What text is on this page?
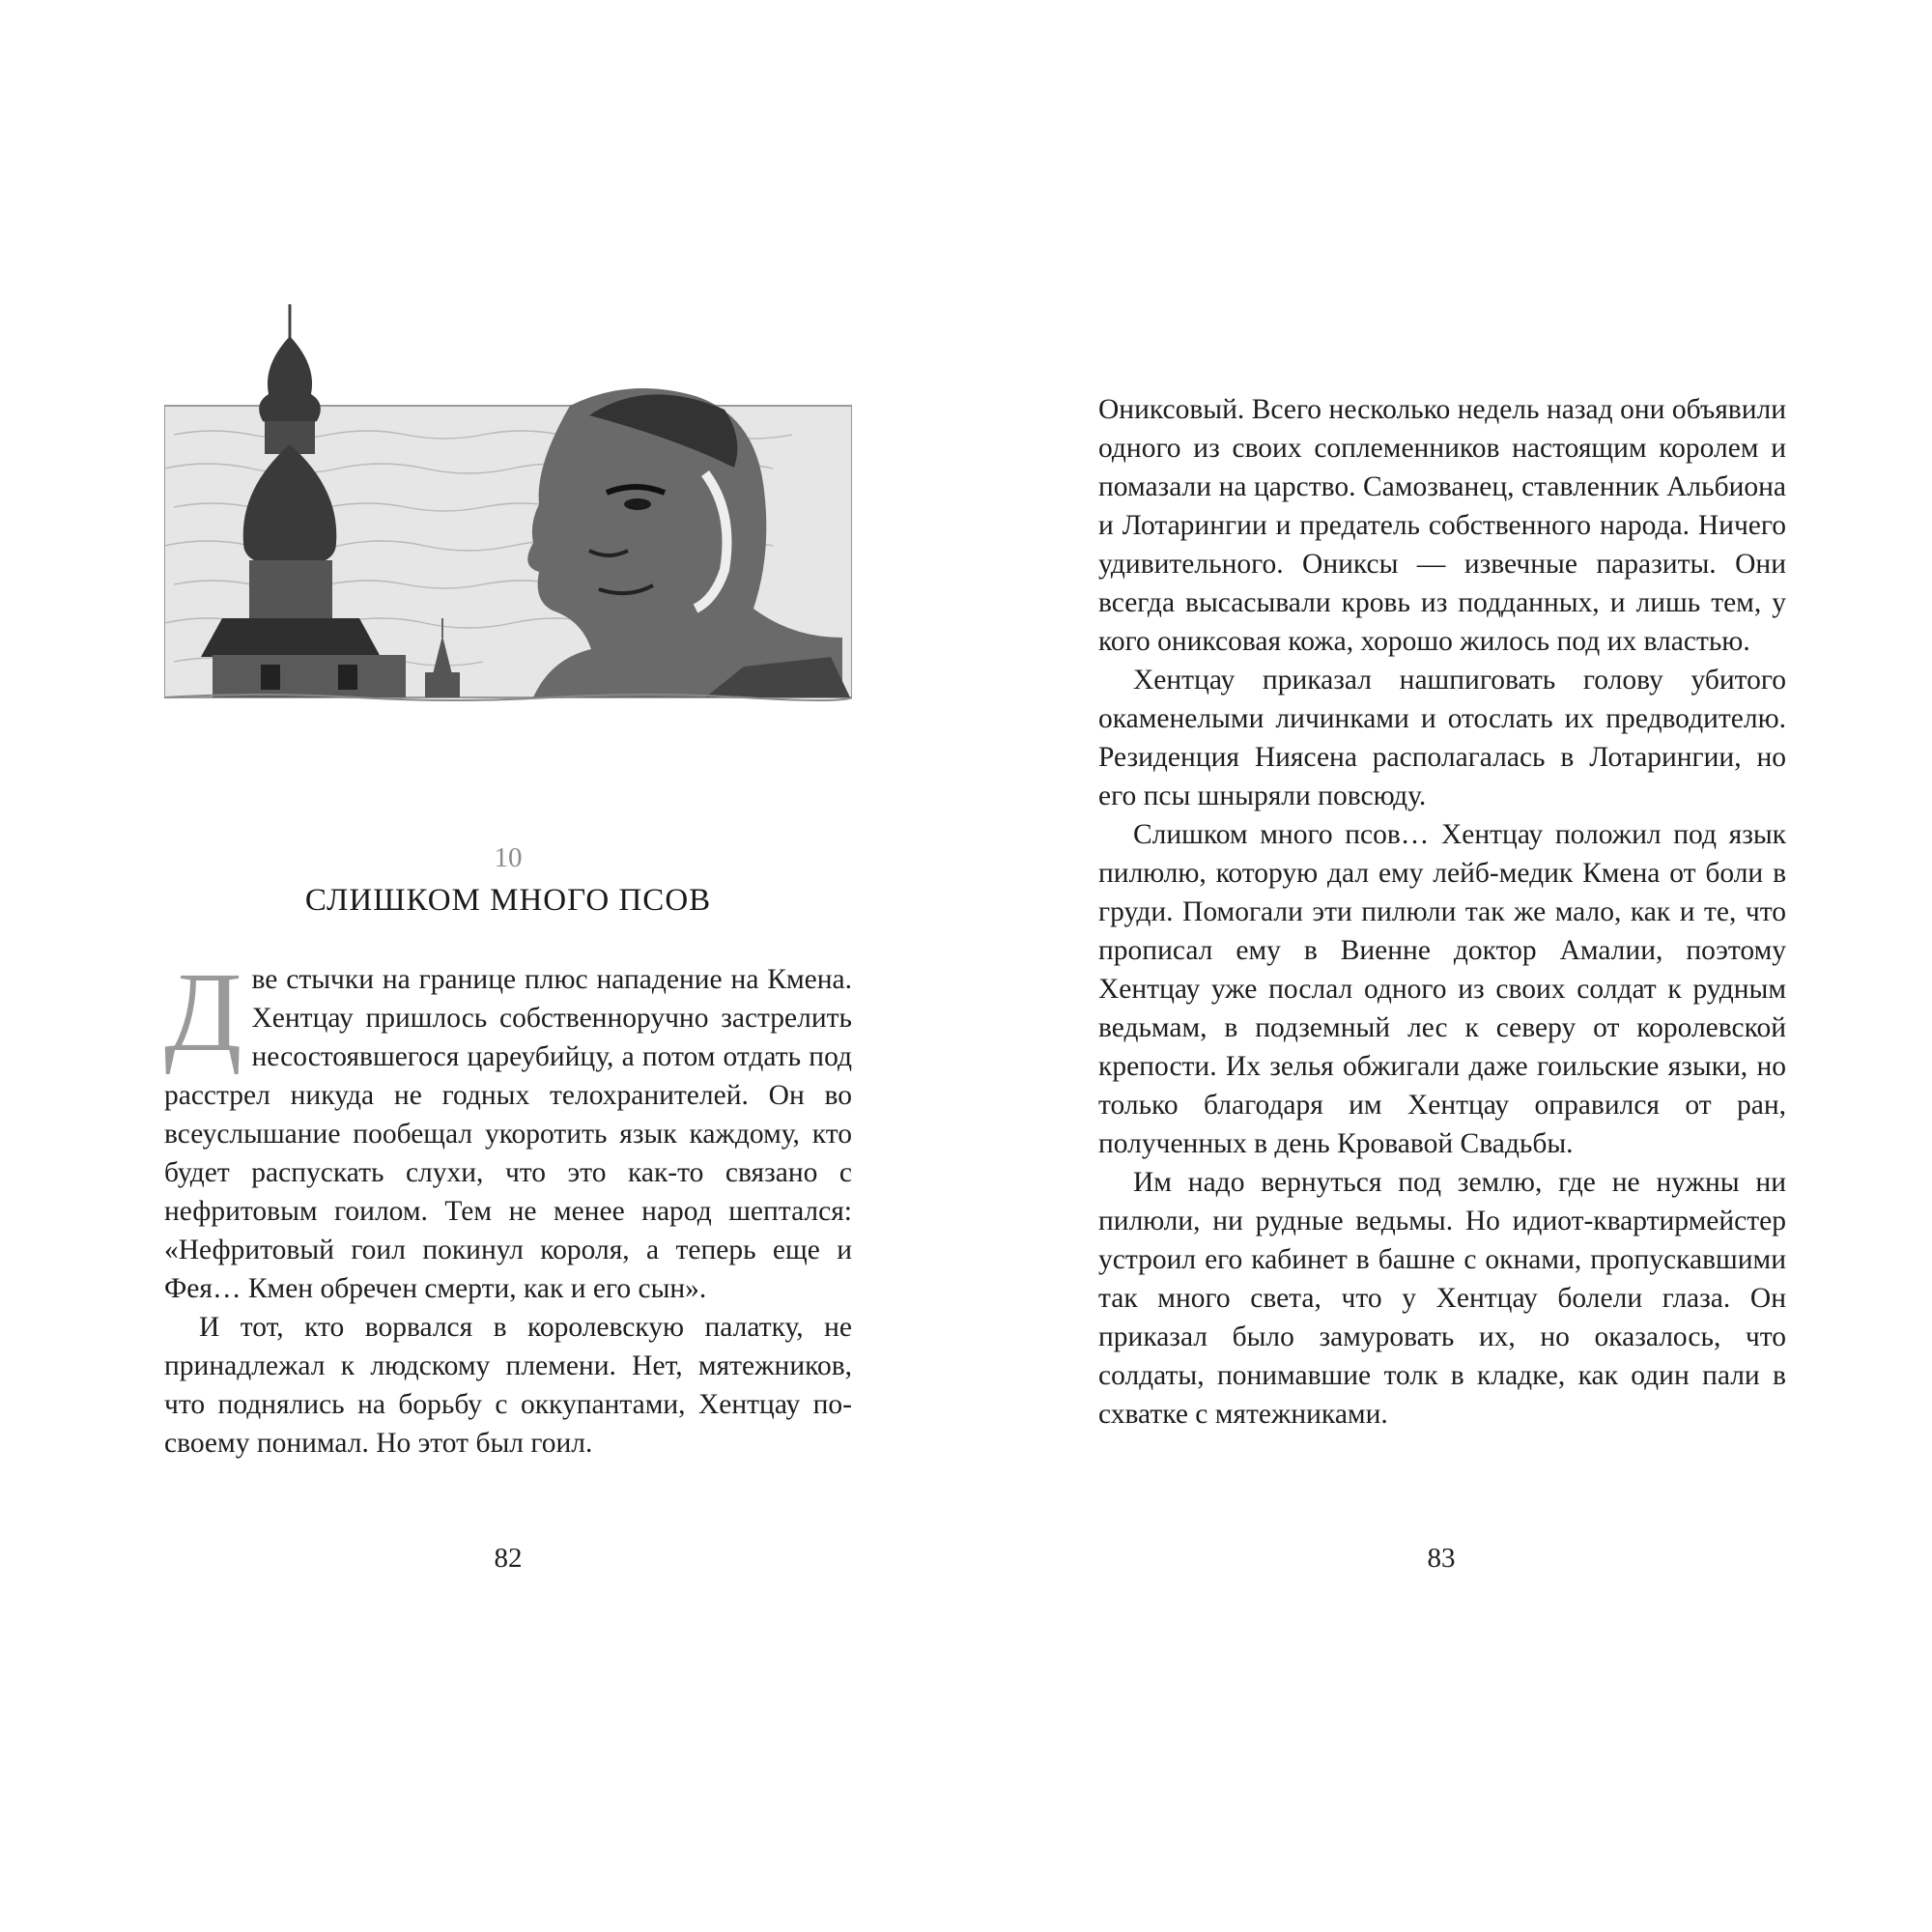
10
СЛИШКОМ МНОГО ПСОВ

Две стычки на границе плюс нападение на Кмена. Хентцау пришлось собственноручно застрелить несостоявшегося цареубийцу, а потом отдать под расстрел никуда не годных телохранителей. Он во всеуслышание пообещал укоротить язык каждому, кто будет распускать слухи, что это как-то связано с нефритовым гоилом. Тем не менее народ шептался: «Нефритовый гоил покинул короля, а теперь еще и Фея… Кмен обречен смерти, как и его сын».

И тот, кто ворвался в королевскую палатку, не принадлежал к людскому племени. Нет, мятежников, что поднялись на борьбу с оккупантами, Хентцау по-своему понимал. Но этот был гоил.

82

Ониксовый. Всего несколько недель назад они объявили одного из своих соплеменников настоящим королем и помазали на царство. Самозванец, ставленник Альбиона и Лотарингии и предатель собственного народа. Ничего удивительного. Ониксы — извечные паразиты. Они всегда высасывали кровь из подданных, и лишь тем, у кого ониксовая кожа, хорошо жилось под их властью.

Хентцау приказал нашпиговать голову убитого окаменелыми личинками и отослать их предводителю. Резиденция Ниясена располагалась в Лотарингии, но его псы шныряли повсюду.

Слишком много псов… Хентцау положил под язык пилюлю, которую дал ему лейб-медик Кмена от боли в груди. Помогали эти пилюли так же мало, как и те, что прописал ему в Виенне доктор Амалии, поэтому Хентцау уже послал одного из своих солдат к рудным ведьмам, в подземный лес к северу от королевской крепости. Их зелья обжигали даже гоильские языки, но только благодаря им Хентцау оправился от ран, полученных в день Кровавой Свадьбы.

Им надо вернуться под землю, где не нужны ни пилюли, ни рудные ведьмы. Но идиот-квартирмейстер устроил его кабинет в башне с окнами, пропускавшими так много света, что у Хентцау болели глаза. Он приказал было замуровать их, но оказалось, что солдаты, понимавшие толк в кладке, как один пали в схватке с мятежниками.

83
